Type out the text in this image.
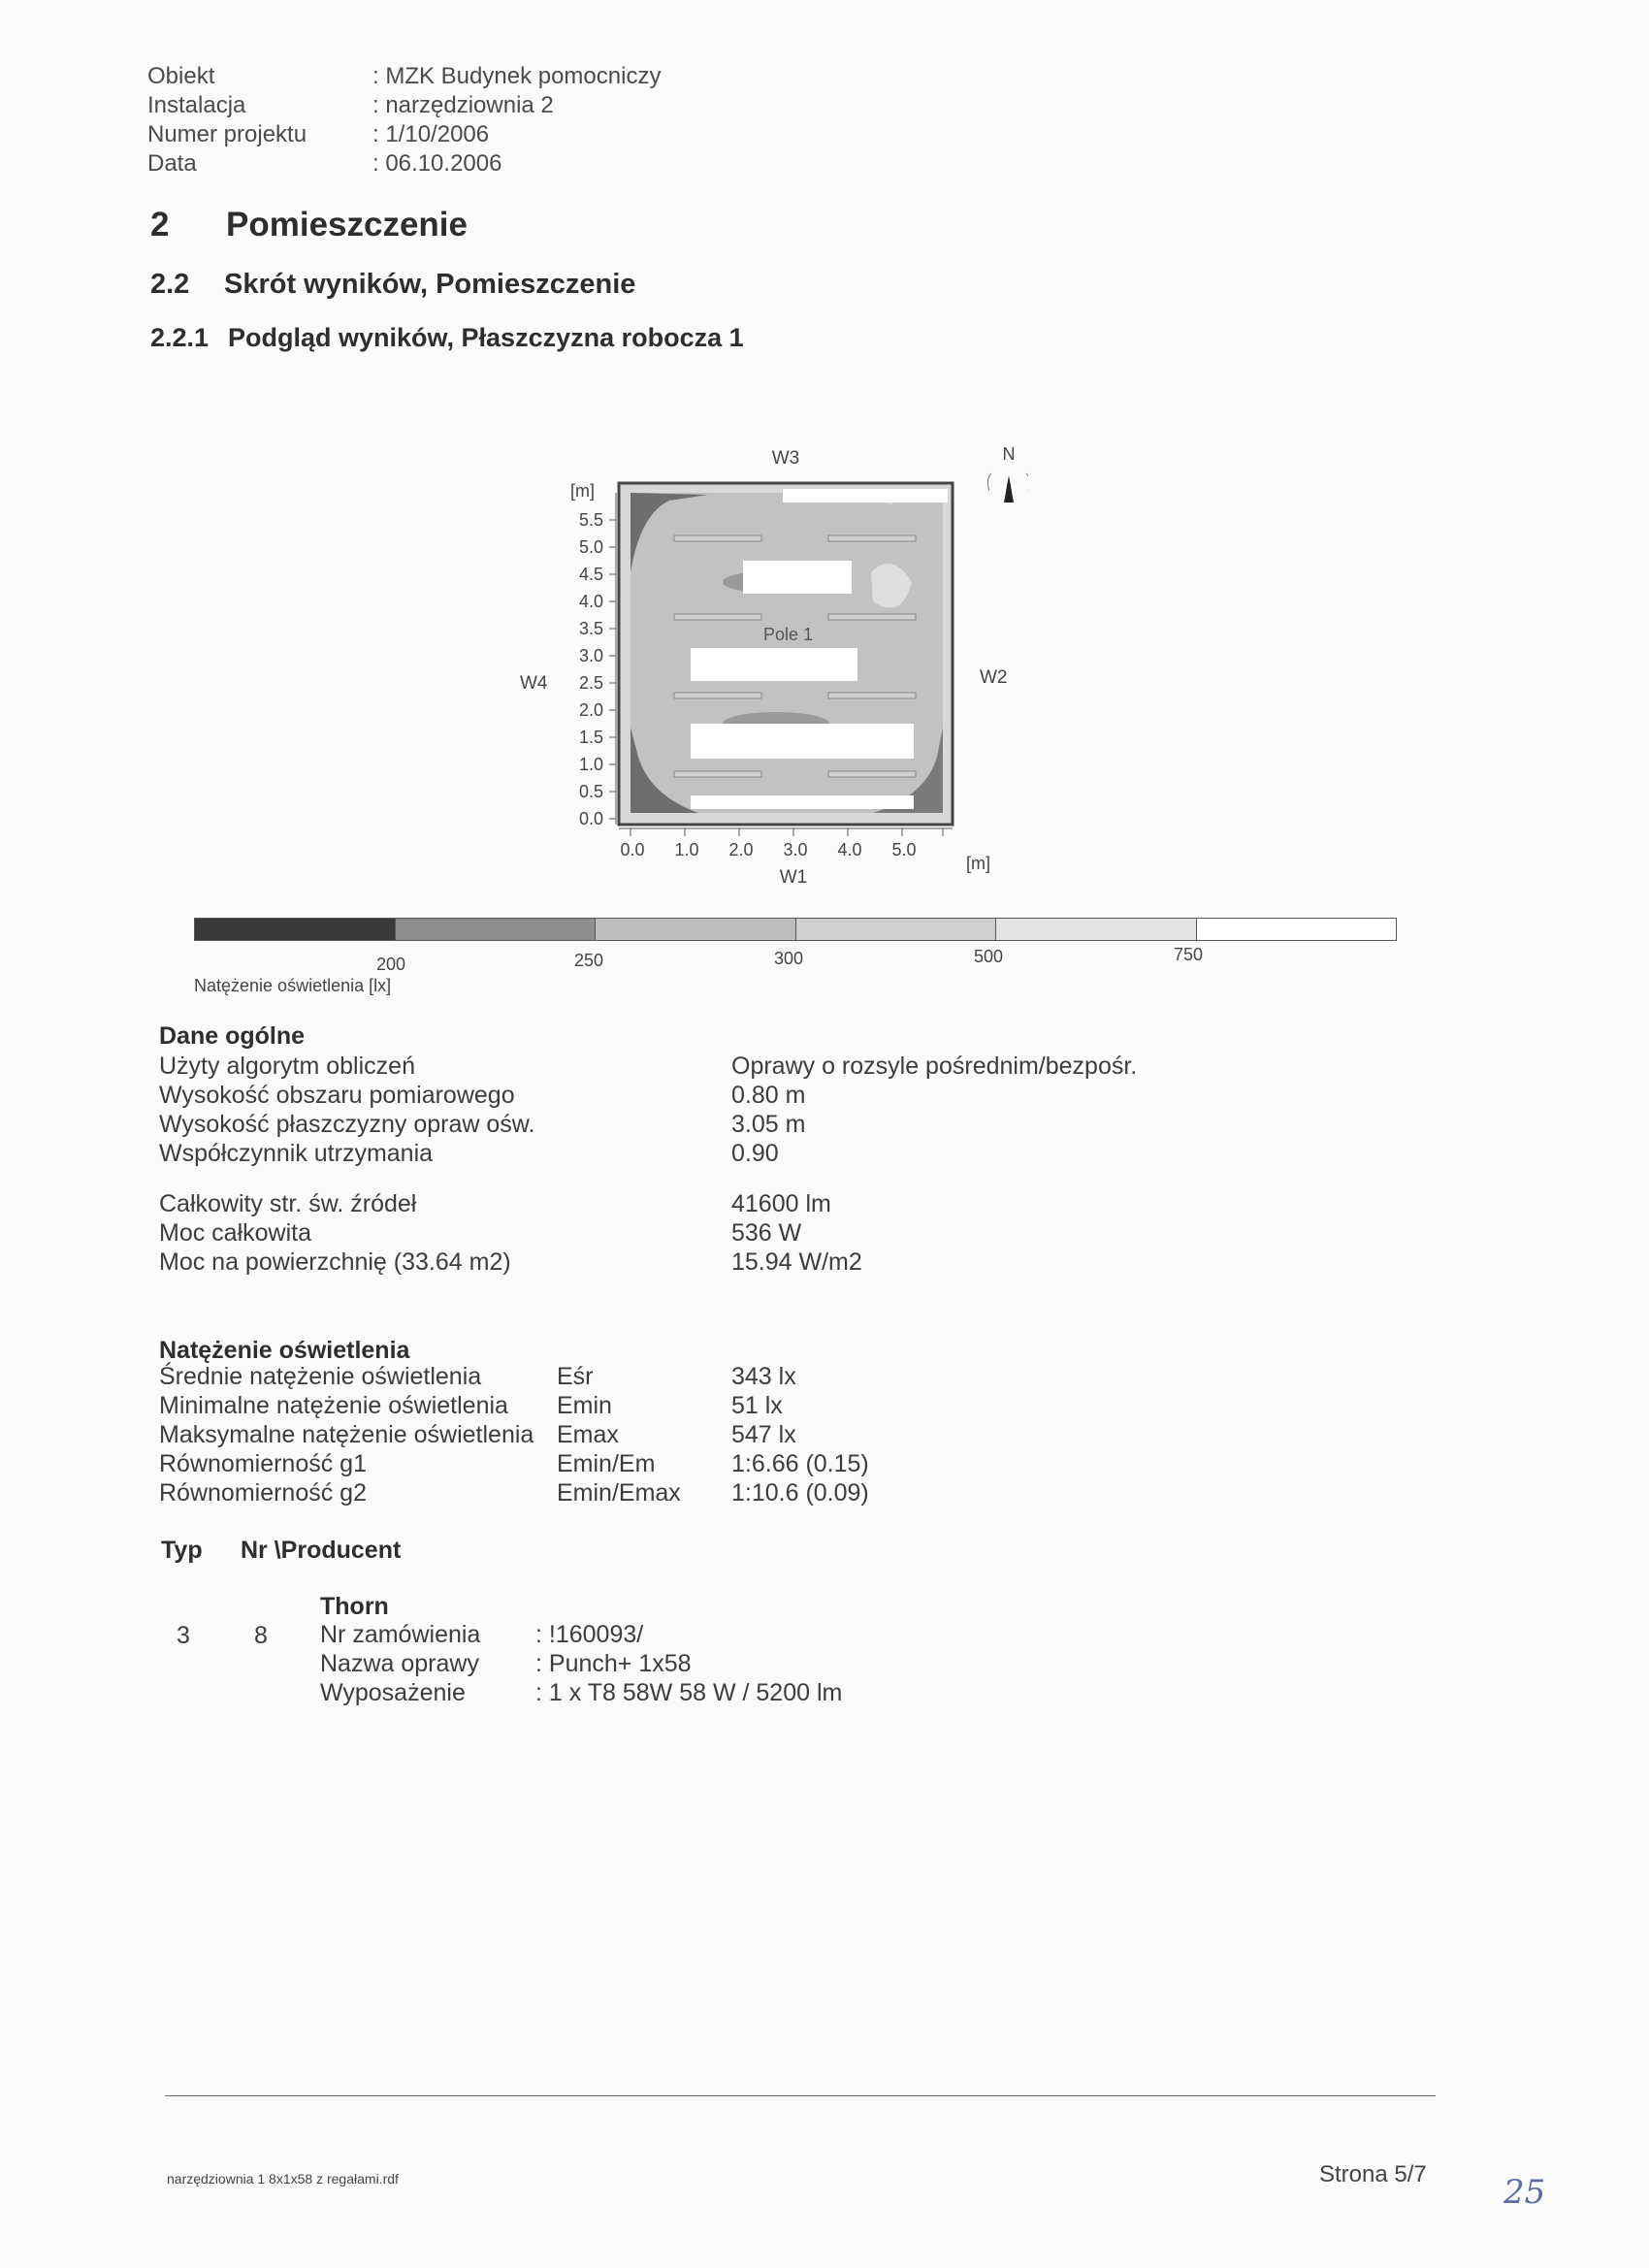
Obiekt	: MZK Budynek pomocniczy
Instalacja	: narzędziownia 2
Numer projektu	: 1/10/2006
Data	: 06.10.2006
2 Pomieszczenie
2.2 Skrót wyników, Pomieszczenie
2.2.1 Podgląd wyników, Płaszczyzna robocza 1
Pole 1
[m]
5.5
5.0
4.5
4.0
3.5
3.0
2.5
2.0
1.5
1.0
0.5
0.0
0.0 1.0 2.0 3.0 4.0 5.0
[m]
W3
W2
W4
W1
N
200	250	300	500	750
Natężenie oświetlenia [lx]
Dane ogólne
Użyty algorytm obliczeń	Oprawy o rozsyle pośrednim/bezpośr.
Wysokość obszaru pomiarowego	0.80 m
Wysokość płaszczyzny opraw ośw.	3.05 m
Współczynnik utrzymania	0.90
Całkowity str. św. źródeł	41600 lm
Moc całkowita	536 W
Moc na powierzchnię (33.64 m2)	15.94 W/m2
Natężenie oświetlenia
Średnie natężenie oświetlenia	Eśr	343 lx
Minimalne natężenie oświetlenia Emin	51 lx
Maksymalne natężenie oświetlenia Emax	547 lx
Równomierność g1	Emin/Em	1:6.66 (0.15)
Równomierność g2	Emin/Emax 1:10.6 (0.09)
Typ Nr \Producent
3	8
Thorn
Nr zamówienia : !160093/
Nazwa oprawy : Punch+ 1x58
Wyposażenie	: 1 x T8 58W 58 W / 5200 lm
narzędziownia 1 8x1x58 z regałami.rdf	Strona 5/7 25
